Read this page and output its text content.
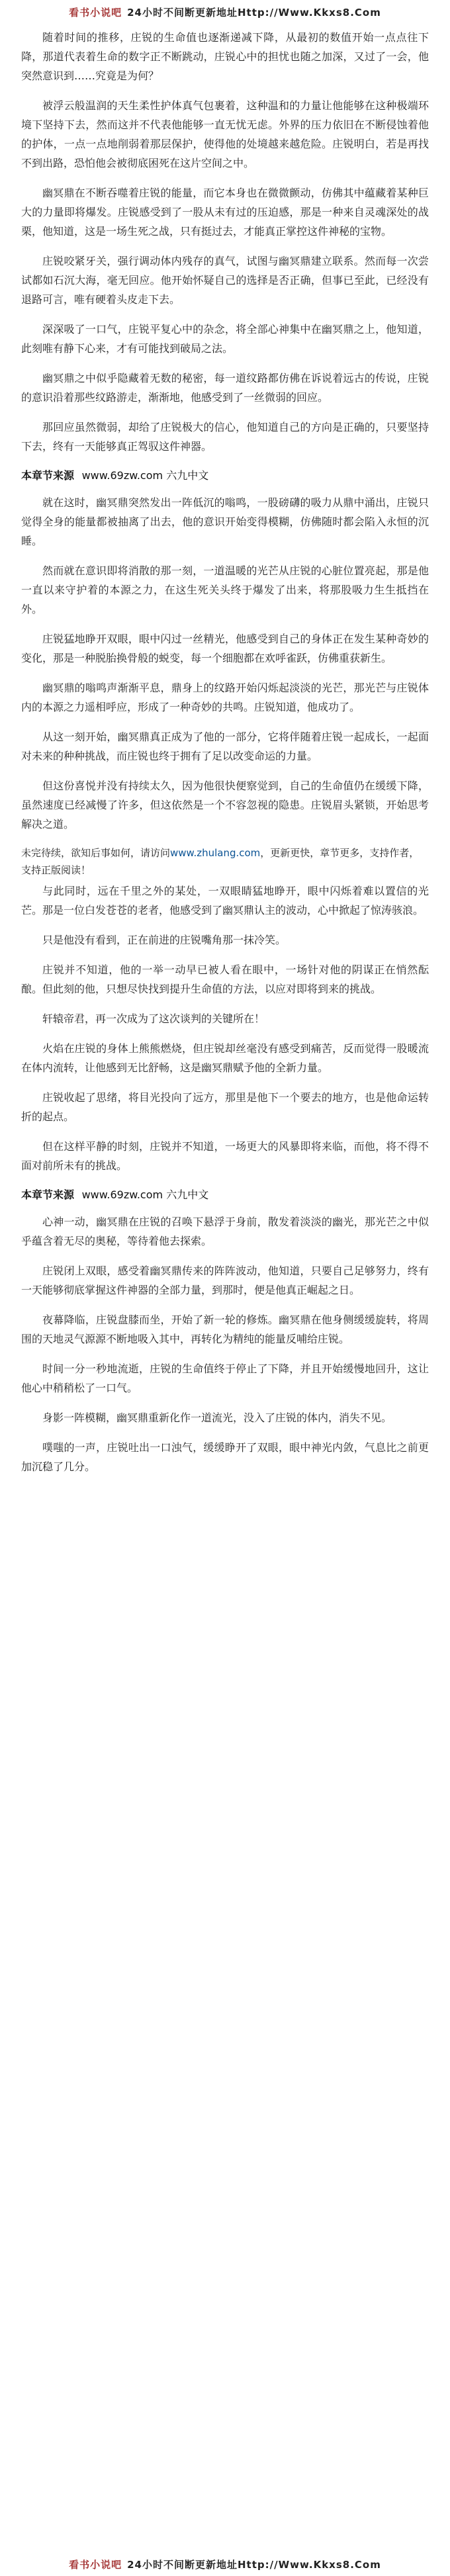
看书小说吧 24小时不间断更新地址Http://Www.Kkxs8.Com

随着时间的推移，庄锐的生命值也逐渐递减下降，从最初的数值开始一点点往下降，那道代表着生命的数字正不断跳动，庄锐心中的担忧也随之加深，又过了一会，他突然意识到……究竟是为何？

被浮云般温润的天生柔性护体真气包裹着，这种温和的力量让他能够在这种极端环境下坚持下去，然而这并不代表他能够一直无忧无虑。外界的压力依旧在不断侵蚀着他的护体，一点一点地削弱着那层保护，使得他的处境越来越危险。庄锐明白，若是再找不到出路，恐怕他会被彻底困死在这片空间之中。

幽冥鼎在不断吞噬着庄锐的能量，而它本身也在微微颤动，仿佛其中蕴藏着某种巨大的力量即将爆发。庄锐感受到了一股从未有过的压迫感，那是一种来自灵魂深处的战栗，他知道，这是一场生死之战，只有挺过去，才能真正掌控这件神秘的宝物。

庄锐咬紧牙关，强行调动体内残存的真气，试图与幽冥鼎建立联系。然而每一次尝试都如石沉大海，毫无回应。他开始怀疑自己的选择是否正确，但事已至此，已经没有退路可言，唯有硬着头皮走下去。

深深吸了一口气，庄锐平复心中的杂念，将全部心神集中在幽冥鼎之上，他知道，此刻唯有静下心来，才有可能找到破局之法。

幽冥鼎之中似乎隐藏着无数的秘密，每一道纹路都仿佛在诉说着远古的传说，庄锐的意识沿着那些纹路游走，渐渐地，他感受到了一丝微弱的回应。

那回应虽然微弱，却给了庄锐极大的信心，他知道自己的方向是正确的，只要坚持下去，终有一天能够真正驾驭这件神器。

本章节来源 www.69zw.com 六九中文

就在这时，幽冥鼎突然发出一阵低沉的嗡鸣，一股磅礴的吸力从鼎中涌出，庄锐只觉得全身的能量都被抽离了出去，他的意识开始变得模糊，仿佛随时都会陷入永恒的沉睡。

然而就在意识即将消散的那一刻，一道温暖的光芒从庄锐的心脏位置亮起，那是他一直以来守护着的本源之力，在这生死关头终于爆发了出来，将那股吸力生生抵挡在外。

庄锐猛地睁开双眼，眼中闪过一丝精光，他感受到自己的身体正在发生某种奇妙的变化，那是一种脱胎换骨般的蜕变，每一个细胞都在欢呼雀跃，仿佛重获新生。

幽冥鼎的嗡鸣声渐渐平息，鼎身上的纹路开始闪烁起淡淡的光芒，那光芒与庄锐体内的本源之力遥相呼应，形成了一种奇妙的共鸣。庄锐知道，他成功了。

从这一刻开始，幽冥鼎真正成为了他的一部分，它将伴随着庄锐一起成长，一起面对未来的种种挑战，而庄锐也终于拥有了足以改变命运的力量。

但这份喜悦并没有持续太久，因为他很快便察觉到，自己的生命值仍在缓缓下降，虽然速度已经减慢了许多，但这依然是一个不容忽视的隐患。庄锐眉头紧锁，开始思考解决之道。

未完待续，欲知后事如何，请访问www.zhulang.com，更新更快，章节更多，支持作者，支持正版阅读！

与此同时，远在千里之外的某处，一双眼睛猛地睁开，眼中闪烁着难以置信的光芒。那是一位白发苍苍的老者，他感受到了幽冥鼎认主的波动，心中掀起了惊涛骇浪。

只是他没有看到，正在前进的庄锐嘴角那一抹冷笑。

庄锐并不知道，他的一举一动早已被人看在眼中，一场针对他的阴谋正在悄然酝酿。但此刻的他，只想尽快找到提升生命值的方法，以应对即将到来的挑战。

轩辕帝君，再一次成为了这次谈判的关键所在！

火焰在庄锐的身体上熊熊燃烧，但庄锐却丝毫没有感受到痛苦，反而觉得一股暖流在体内流转，让他感到无比舒畅，这是幽冥鼎赋予他的全新力量。

庄锐收起了思绪，将目光投向了远方，那里是他下一个要去的地方，也是他命运转折的起点。

但在这样平静的时刻，庄锐并不知道，一场更大的风暴即将来临，而他，将不得不面对前所未有的挑战。

本章节来源 www.69zw.com 六九中文

心神一动，幽冥鼎在庄锐的召唤下悬浮于身前，散发着淡淡的幽光，那光芒之中似乎蕴含着无尽的奥秘，等待着他去探索。

庄锐闭上双眼，感受着幽冥鼎传来的阵阵波动，他知道，只要自己足够努力，终有一天能够彻底掌握这件神器的全部力量，到那时，便是他真正崛起之日。

夜幕降临，庄锐盘膝而坐，开始了新一轮的修炼。幽冥鼎在他身侧缓缓旋转，将周围的天地灵气源源不断地吸入其中，再转化为精纯的能量反哺给庄锐。

时间一分一秒地流逝，庄锐的生命值终于停止了下降，并且开始缓慢地回升，这让他心中稍稍松了一口气。

身影一阵模糊，幽冥鼎重新化作一道流光，没入了庄锐的体内，消失不见。

噗嗤的一声，庄锐吐出一口浊气，缓缓睁开了双眼，眼中神光内敛，气息比之前更加沉稳了几分。

看书小说吧 24小时不间断更新地址Http://Www.Kkxs8.Com
